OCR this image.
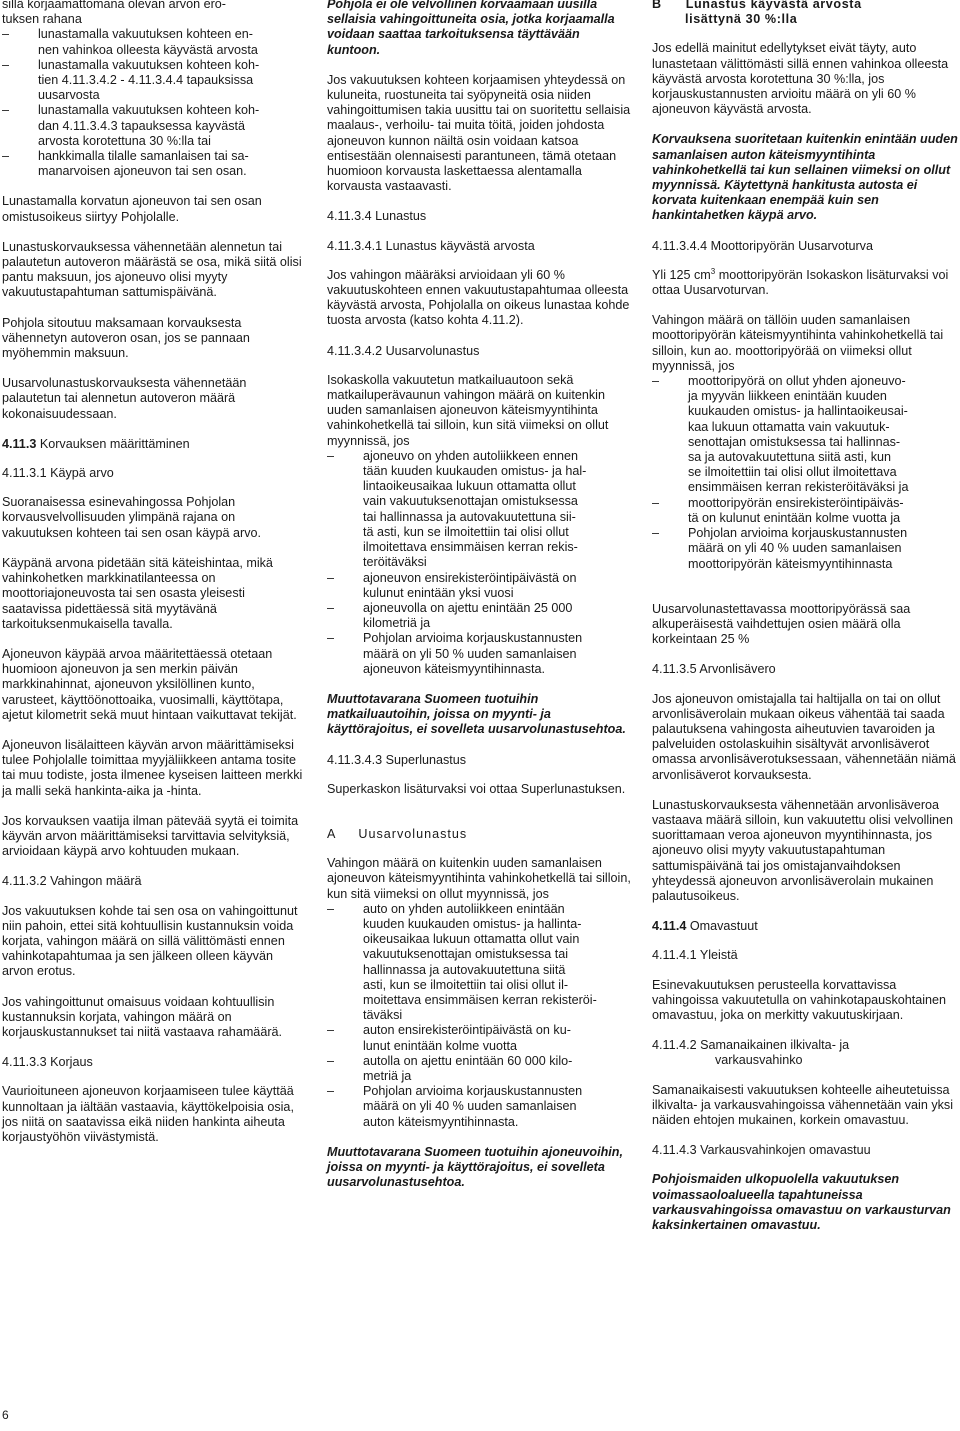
sillä korjaamattomana olevan arvon ero-
tuksen rahana
– lunastamalla vakuutuksen kohteen en-
nen vahinkoa olleesta käyvästä arvosta
– lunastamalla vakuutuksen kohteen koh-
tien 4.11.3.4.2 - 4.11.3.4.4 tapauksissa
uusarvosta
– lunastamalla vakuutuksen kohteen koh-
dan 4.11.3.4.3 tapauksessa kayvästä
arvosta korotettuna 30 %:lla tai
– hankkimalla tilalle samanlaisen tai sa-
manarvoisen ajoneuvon tai sen osan.

Lunastamalla korvatun ajoneuvon tai sen osan omistusoikeus siirtyy Pohjolalle.

Lunastuskorvauksessa vähennetään alennetun tai palautetun autoveron määrästä se osa, mikä siitä olisi pantu maksuun, jos ajoneuvo olisi myyty vakuutustapahtuman sattumispäivänä.

Pohjola sitoutuu maksamaan korvauksesta vähennetyn autoveron osan, jos se pannaan myöhemmin maksuun.

Uusarvolunastuskorvauksesta vähennetään palautetun tai alennetun autoveron määrä kokonaisuudessaan.

4.11.3 Korvauksen määrittäminen
4.11.3.1 Käypä arvo

Suoranaisessa esinevahingossa Pohjolan korvausvelvollisuuden ylimpänä rajana on vakuutuksen kohteen tai sen osan käypä arvo.

Käypänä arvona pidetään sitä käteishintaa, mikä vahinkohetken markkinatilanteessa on moottoriajoneuvosta tai sen osasta yleisesti saatavissa pidettäessä sitä myytävänä tarkoituksenmukaisella tavalla.

Ajoneuvon käypää arvoa määritettäessä otetaan huomioon ajoneuvon ja sen merkin päivän markkinahinnat, ajoneuvon yksilöllinen kunto, varusteet, käyttöönottoaika, vuosimalli, käyttötapa, ajetut kilometrit sekä muut hintaan vaikuttavat tekijät.

Ajoneuvon lisälaitteen käyvän arvon määrittämiseksi tulee Pohjolalle toimittaa myyjäliikkeen antama tosite tai muu todiste, josta ilmenee kyseisen laitteen merkki ja malli sekä hankinta-aika ja -hinta.

Jos korvauksen vaatija ilman pätevää syytä ei toimita käyvän arvon määrittämiseksi tarvittavia selvityksiä, arvioidaan käypä arvo kohtuuden mukaan.

4.11.3.2 Vahingon määrä

Jos vakuutuksen kohde tai sen osa on vahingoittunut niin pahoin, ettei sitä kohtuullisin kustannuksin voida korjata, vahingon määrä on sillä välittömästi ennen vahinkotapahtumaa ja sen jälkeen olleen käyvän arvon erotus.

Jos vahingoittunut omaisuus voidaan kohtuullisin kustannuksin korjata, vahingon määrä on korjauskustannukset tai niitä vastaava rahamäärä.

4.11.3.3 Korjaus

Vaurioituneen ajoneuvon korjaamiseen tulee käyttää kunnoltaan ja iältään vastaavia, käyttökelpoisia osia, jos niitä on saatavissa eikä niiden hankinta aiheuta korjaustyöhön viivästymistä.

Pohjola ei ole velvollinen korvaamaan uusilla sellaisia vahingoittuneita osia, jotka korjaamalla voidaan saattaa tarkoituksensa täyttävään kuntoon.

Jos vakuutuksen kohteen korjaamisen yhteydessä on kuluneita, ruostuneita tai syöpyneitä osia niiden vahingoittumisen takia uusittu tai on suoritettu sellaisia maalaus-, verhoilu- tai muita töitä, joiden johdosta ajoneuvon kunnon näiltä osin voidaan katsoa entisestään olennaisesti parantuneen, tämä otetaan huomioon korvausta laskettaessa alentamalla korvausta vastaavasti.

4.11.3.4 Lunastus
4.11.3.4.1 Lunastus käyvästä arvosta

Jos vahingon määräksi arvioidaan yli 60 % vakuutuskohteen ennen vakuutustapahtumaa olleesta käyvästä arvosta, Pohjolalla on oikeus lunastaa kohde tuosta arvosta (katso kohta 4.11.2).

4.11.3.4.2 Uusarvolunastus

Isokaskolla vakuutetun matkailuautoon sekä matkailuperävaunun vahingon määrä on kuitenkin uuden samanlaisen ajoneuvon käteismyyntihinta vahinkohetkellä tai silloin, kun sitä viimeksi on ollut myynnissä, jos

– ajoneuvo on yhden autoliikkeen ennen
tään kuuden kuukauden omistus- ja hal-
lintaoikeusaikaa lukuun ottamatta ollut
vain vakuutuksenottajan omistuksessa
tai hallinnassa ja autovakuutettuna sii-
tä asti, kun se ilmoitettiin tai olisi ollut
ilmoitettava ensimmäisen kerran rekis-
teröitäväksi
– ajoneuvon ensirekisteröintipäivästä on
kulunut enintään yksi vuosi
– ajoneuvolla on ajettu enintään 25 000
kilometriä ja
– Pohjolan arvioima korjauskustannusten
määrä on yli 50 % uuden samanlaisen
ajoneuvon käteismyyntihinnasta.

Muuttotavarana Suomeen tuotuihin matkailuautoihin, joissa on myynti- ja käyttörajoitus, ei sovelleta uusarvolunastusehtoa.

4.11.3.4.3 Superlunastus

Superkaskon lisäturvaksi voi ottaa Superlunastuksen.

A Uusarvolunastus

Vahingon määrä on kuitenkin uuden samanlaisen ajoneuvon käteismyyntihinta vahinkohetkellä tai silloin, kun sitä viimeksi on ollut myynnissä, jos

– auto on yhden autoliikkeen enintään
kuuden kuukauden omistus- ja hallinta-
oikeusaikaa lukuun ottamatta ollut vain
vakuutuksenottajan omistuksessa tai
hallinnassa ja autovakuutettuna siitä
asti, kun se ilmoitettiin tai olisi ollut il-
moitettava ensimmäisen kerran rekisteröi-
täväksi
– auton ensirekisteröintipäivästä on ku-
lunut enintään kolme vuotta
– autolla on ajettu enintään 60 000 kilo-
metriä ja
– Pohjolan arvioima korjauskustannusten
määrä on yli 40 % uuden samanlaisen
auton käteismyyntihinnasta.

Muuttotavarana Suomeen tuotuihin ajoneuvoihin, joissa on myynti- ja käyttörajoitus, ei sovelleta uusarvolunastusehtoa.

B Lunastus käyvästä arvosta
lisättynä 30 %:lla

Jos edellä mainitut edellytykset eivät täyty, auto lunastetaan välittömästi sillä ennen vahinkoa olleesta käyvästä arvosta korotettuna 30 %:lla, jos korjauskustannusten arvioitu määrä on yli 60 % ajoneuvon käyvästä arvosta.

Korvauksena suoritetaan kuitenkin enintään uuden samanlaisen auton käteismyyntihinta vahinkohetkellä tai kun sellainen viimeksi on ollut myynnissä. Käytettynä hankitusta autosta ei korvata kuitenkaan enempää kuin sen hankintahetken käypä arvo.

4.11.3.4.4 Moottoripyörän Uusarvoturva

Yli 125 $cm^3$ moottoripyörän Isokaskon lisäturvaksi voi ottaa Uusarvoturvan.

Vahingon määrä on tällöin uuden samanlaisen moottoripyörän käteismyyntihinta vahinkohetkellä tai silloin, kun ao. moottoripyörää on viimeksi ollut myynnissä, jos

– moottoripyörä on ollut yhden ajoneuvo-
ja myyvän liikkeen enintään kuuden
kuukauden omistus- ja hallintaoikeusai-
kaa lukuun ottamatta vain vakuutuk-
senottajan omistuksessa tai hallinnas-
sa ja autovakuutettuna siitä asti, kun
se ilmoitettiin tai olisi ollut ilmoitettava
ensimmäisen kerran rekisteröitäväksi ja
– moottoripyörän ensirekisteröintipäiväs-
tä on kulunut enintään kolme vuotta ja
– Pohjolan arvioima korjauskustannusten
määrä on yli 40 % uuden samanlaisen
moottoripyörän käteismyyntihinnasta

Uusarvolunastettavassa moottoripyörässä saa alkuperäisestä vaihdettujen osien määrä olla korkeintaan 25 %

4.11.3.5 Arvonlisävero

Jos ajoneuvon omistajalla tai haltijalla on tai on ollut arvonlisäverolain mukaan oikeus vähentää tai saada palautuksena vahingosta aiheutuvien tavaroiden ja palveluiden ostolaskuihin sisältyvät arvonlisäverot omassa arvonlisäverotuksessaan, vähennetään niämä arvonlisäverot korvauksesta.

Lunastuskorvauksesta vähennetään arvonlisäveroa vastaava määrä silloin, kun vakuutettu olisi velvollinen suorittamaan veroa ajoneuvon myyntihinnasta, jos ajoneuvo olisi myyty vakuutustapahtuman sattumispäivänä tai jos omistajanvaihdoksen yhteydessä ajoneuvon arvonlisäverolain mukainen palautusoikeus.

4.11.4 Omavastuut
4.11.4.1 Yleistä

Esinevakuutuksen perusteella korvattavissa vahingoissa vakuutetulla on vahinkotapauskohtainen omavastuu, joka on merkitty vakuutuskirjaan.

4.11.4.2 Samanaikainen ilkivalta- ja
varkausvahinko

Samanaikaisesti vakuutuksen kohteelle aiheutetuissa ilkivalta- ja varkausvahingoissa vähennetään vain yksi näiden ehtojen mukainen, korkein omavastuu.

4.11.4.3 Varkausvahinkojen omavastuu

Pohjoismaiden ulkopuolella vakuutuksen voimassaoloalueella tapahtuneissa varkausvahingoissa omavastuu on varkausturvan kaksinkertainen omavastuu.

6
